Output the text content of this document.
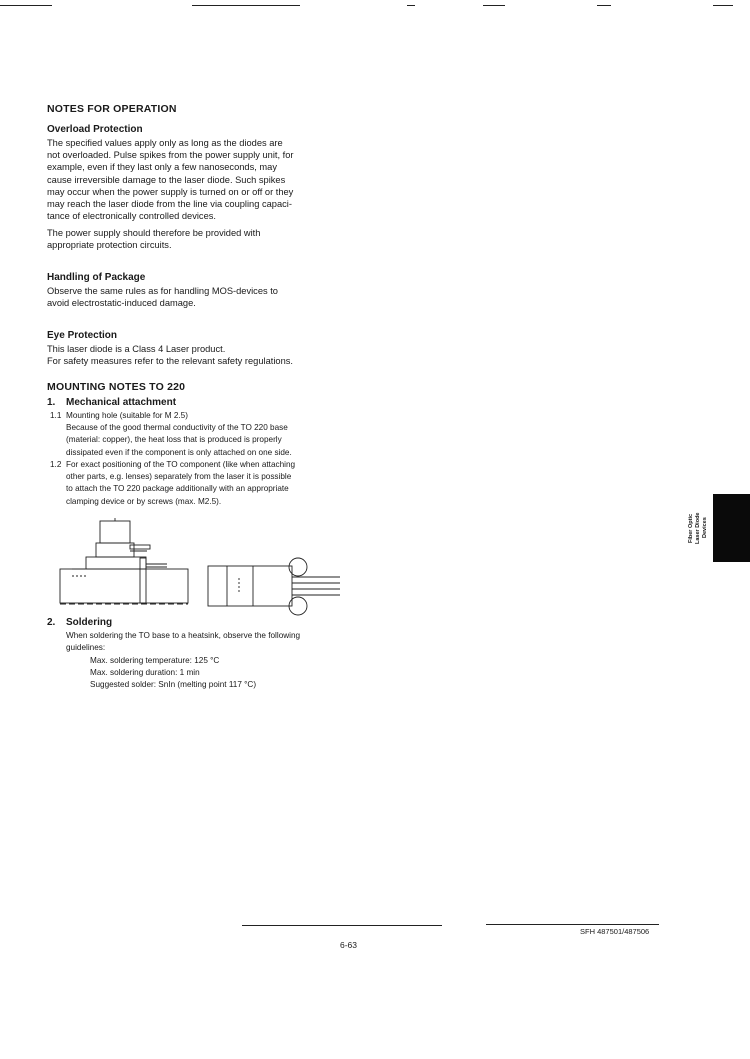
NOTES FOR OPERATION
Overload Protection
The specified values apply only as long as the diodes are
not overloaded. Pulse spikes from the power supply unit, for
example, even if they last only a few nanoseconds, may
cause irreversible damage to the laser diode. Such spikes
may occur when the power supply is turned on or off or they
may reach the laser diode from the line via coupling capaci-
tance of electronically controlled devices.
The power supply should therefore be provided with
appropriate protection circuits.
Handling of Package
Observe the same rules as for handling MOS-devices to
avoid electrostatic-induced damage.
Eye Protection
This laser diode is a Class 4 Laser product.
For safety measures refer to the relevant safety regulations.
MOUNTING NOTES TO 220
1. Mechanical attachment
1.1 Mounting hole (suitable for M 2.5)
Because of the good thermal conductivity of the TO 220 base
(material: copper), the heat loss that is produced is properly
dissipated even if the component is only attached on one side.
1.2 For exact positioning of the TO component (like when attaching
other parts, e.g. lenses) separately from the laser it is possible
to attach the TO 220 package additionally with an appropriate
clamping device or by screws (max. M2.5).
2. Soldering
When soldering the TO base to a heatsink, observe the following
guidelines:
Max. soldering temperature: 125 °C
Max. soldering duration: 1 min
Suggested solder: SnIn (melting point 117 °C)
Fiber Optic Laser Diode Devices
SFH 487501/487506
6-63
